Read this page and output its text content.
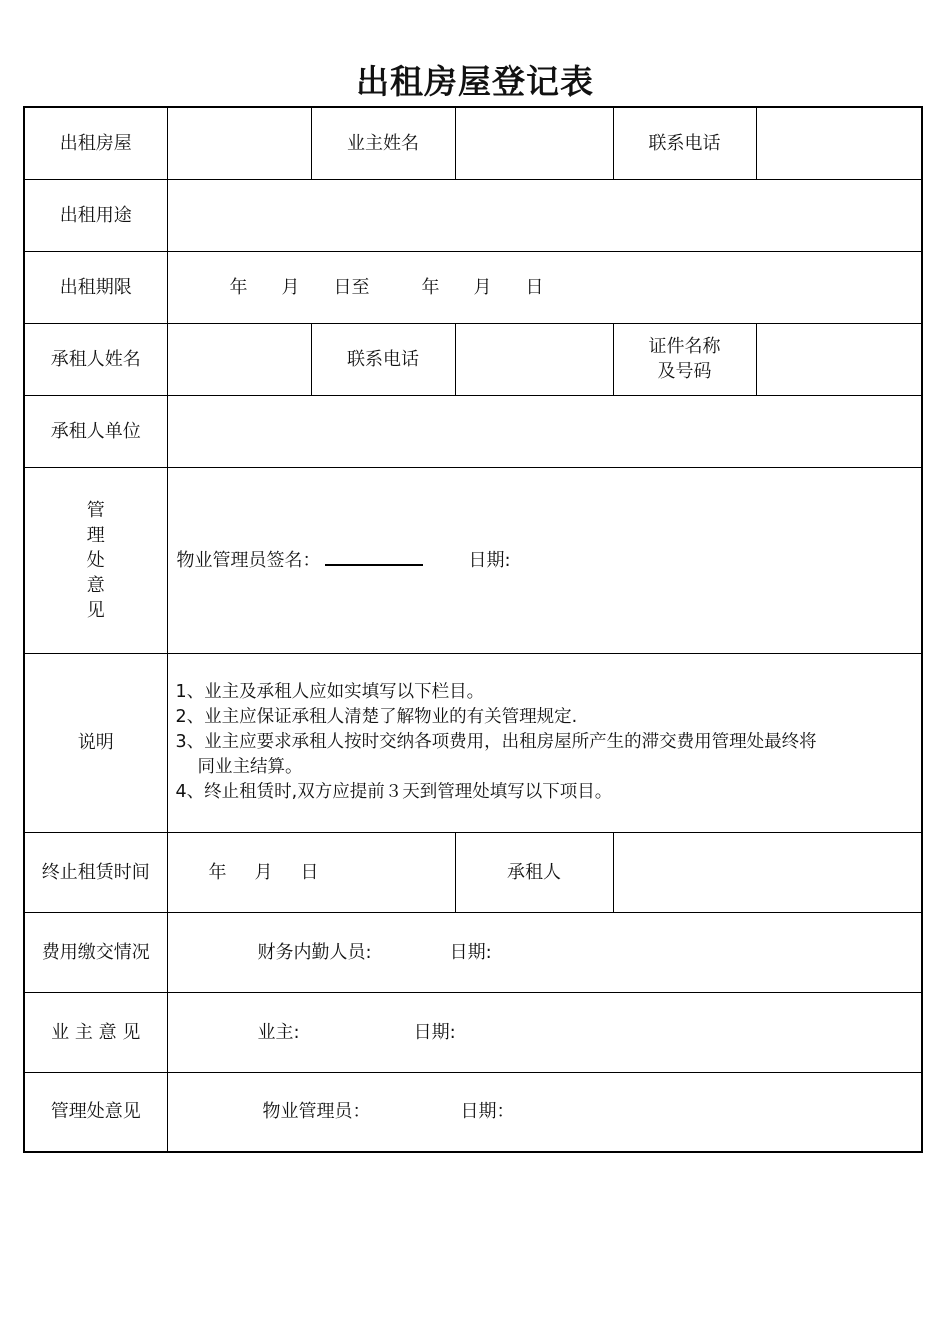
出租房屋登记表
出租房屋		业主姓名		联系电话	
出租用途					
出租期限	年 月 日至 年 月 日				
承租人姓名		联系电话		证件名称
及号码	

承租人单位					

管
理
处
意
见	物业管理员签名： 日期:				
说明	1、业主及承租人应如实填写以下栏目。
2、业主应保证承租人清楚了解物业的有关管理规定.
3、业主应要求承租人按时交纳各项费用，出租房屋所产生的滞交费用管理处最终将
同业主结算。
4、终止租赁时,双方应提前３天到管理处填写以下项目。				

终止租赁时间	年 月 日		承租人		
费用缴交情况	财务内勤人员: 日期:				
业 主 意 见	业主: 日期:				
管理处意见	物业管理员： 日期：				
